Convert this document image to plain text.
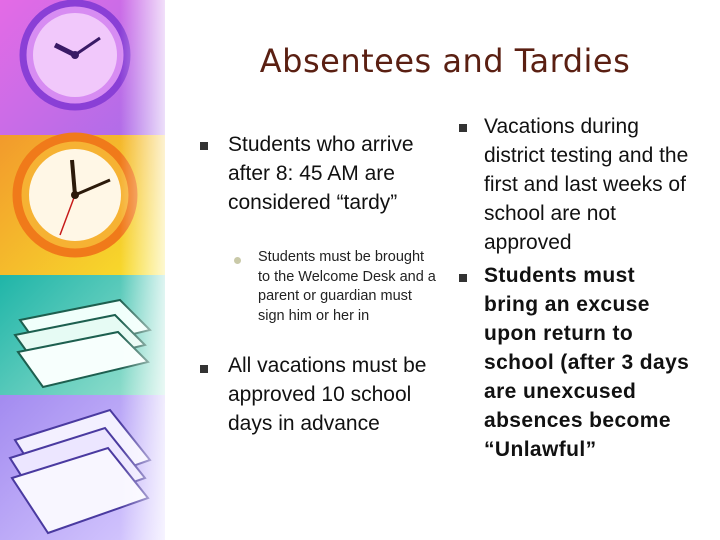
Absentees and Tardies
Students who arrive after 8: 45 AM are considered “tardy”
Students must be brought to the Welcome Desk and a parent or guardian must sign him or her in
All vacations must be approved 10 school days in advance
Vacations during district testing and the first and last weeks of school are not approved
Students must bring an excuse upon return to school (after 3 days are unexcused absences become “Unlawful”
